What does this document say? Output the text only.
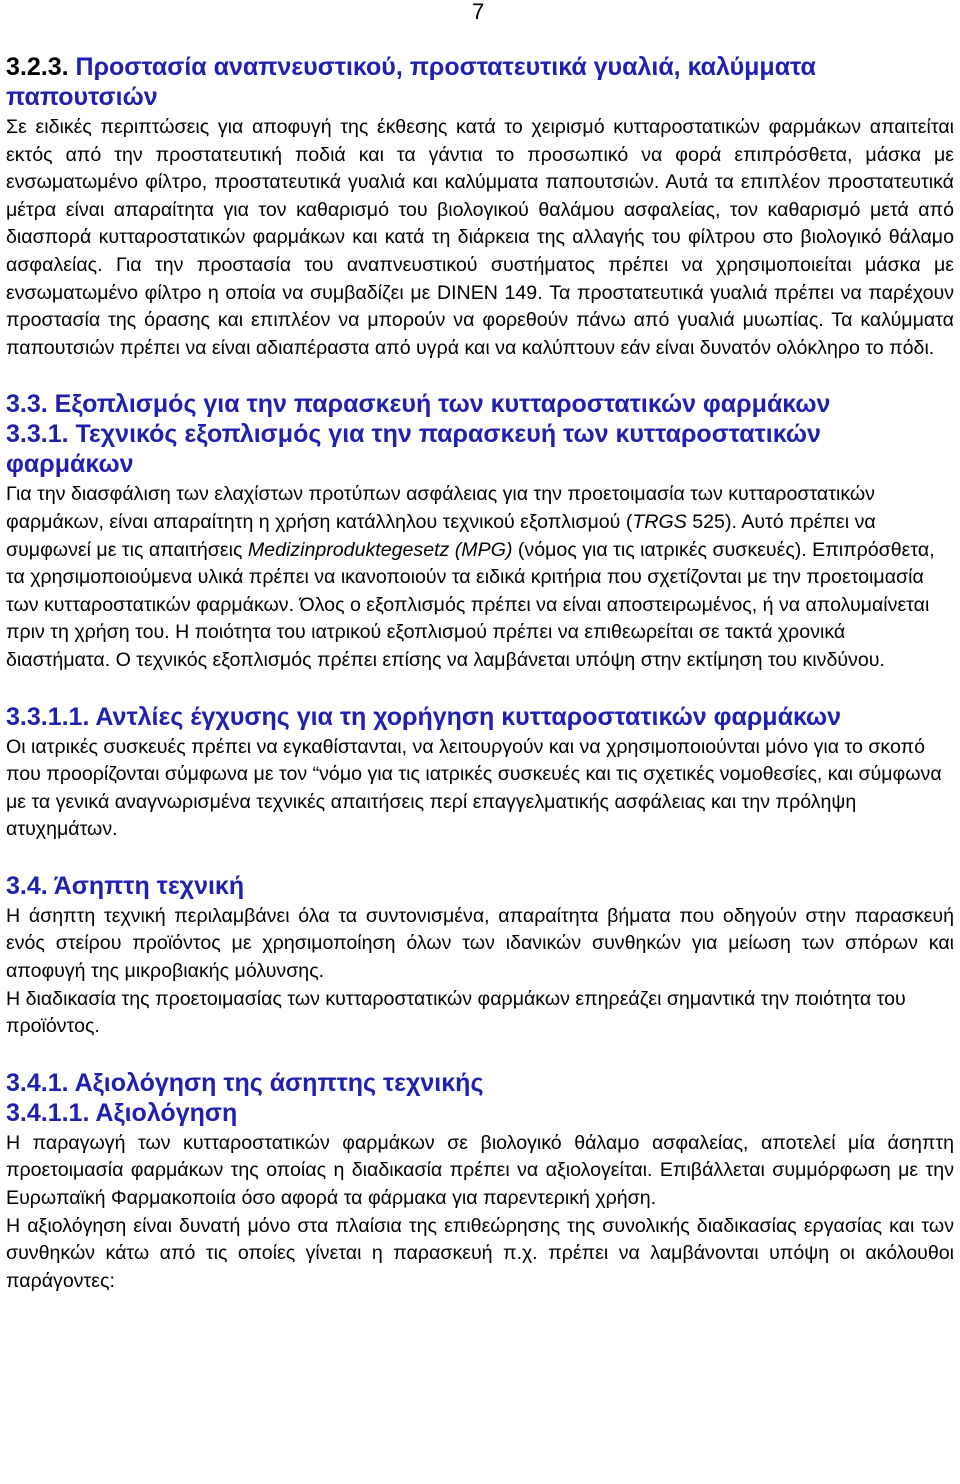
7
3.2.3. Προστασία αναπνευστικού, προστατευτικά γυαλιά, καλύμματα παπουτσιών

Σε ειδικές περιπτώσεις για αποφυγή της έκθεσης κατά το χειρισμό κυτταροστατικών φαρμάκων απαιτείται εκτός από την προστατευτική ποδιά και τα γάντια το προσωπικό να φορά επιπρόσθετα, μάσκα με ενσωματωμένο φίλτρο, προστατευτικά γυαλιά και καλύμματα παπουτσιών. Αυτά τα επιπλέον προστατευτικά μέτρα είναι απαραίτητα για τον καθαρισμό του βιολογικού θαλάμου ασφαλείας, τον καθαρισμό μετά από διασπορά κυτταροστατικών φαρμάκων και κατά τη διάρκεια της αλλαγής του φίλτρου στο βιολογικό θάλαμο ασφαλείας. Για την προστασία του αναπνευστικού συστήματος πρέπει να χρησιμοποιείται μάσκα με ενσωματωμένο φίλτρο η οποία να συμβαδίζει με DINEN 149. Τα προστατευτικά γυαλιά πρέπει να παρέχουν προστασία της όρασης και επιπλέον να μπορούν να φορεθούν πάνω από γυαλιά μυωπίας. Τα καλύμματα παπουτσιών πρέπει να είναι αδιαπέραστα από υγρά και να καλύπτουν εάν είναι δυνατόν ολόκληρο το πόδι.

3.3. Εξοπλισμός για την παρασκευή των κυτταροστατικών φαρμάκων
3.3.1. Τεχνικός εξοπλισμός για την παρασκευή των κυτταροστατικών φαρμάκων

Για την διασφάλιση των ελαχίστων προτύπων ασφάλειας για την προετοιμασία των κυτταροστατικών φαρμάκων, είναι απαραίτητη η χρήση κατάλληλου τεχνικού εξοπλισμού (TRGS 525). Αυτό πρέπει να συμφωνεί με τις απαιτήσεις Medizinproduktegesetz (MPG) (νόμος για τις ιατρικές συσκευές). Επιπρόσθετα, τα χρησιμοποιούμενα υλικά πρέπει να ικανοποιούν τα ειδικά κριτήρια που σχετίζονται με την προετοιμασία των κυτταροστατικών φαρμάκων. Όλος ο εξοπλισμός πρέπει να είναι αποστειρωμένος, ή να απολυμαίνεται πριν τη χρήση του. Η ποιότητα του ιατρικού εξοπλισμού πρέπει να επιθεωρείται σε τακτά χρονικά διαστήματα. Ο τεχνικός εξοπλισμός πρέπει επίσης να λαμβάνεται υπόψη στην εκτίμηση του κινδύνου.

3.3.1.1. Αντλίες έγχυσης για τη χορήγηση κυτταροστατικών φαρμάκων

Οι ιατρικές συσκευές πρέπει να εγκαθίστανται, να λειτουργούν και να χρησιμοποιούνται μόνο για το σκοπό που προορίζονται σύμφωνα με τον “νόμο για τις ιατρικές συσκευές και τις σχετικές νομοθεσίες, και σύμφωνα με τα γενικά αναγνωρισμένα τεχνικές απαιτήσεις περί επαγγελματικής ασφάλειας και την πρόληψη ατυχημάτων.

3.4. Άσηπτη τεχνική

Η άσηπτη τεχνική περιλαμβάνει όλα τα συντονισμένα, απαραίτητα βήματα που οδηγούν στην παρασκευή ενός στείρου προϊόντος με χρησιμοποίηση όλων των ιδανικών συνθηκών για μείωση των σπόρων και αποφυγή της μικροβιακής μόλυνσης.

Η διαδικασία της προετοιμασίας των κυτταροστατικών φαρμάκων επηρεάζει σημαντικά την ποιότητα του προϊόντος.

3.4.1. Αξιολόγηση της άσηπτης τεχνικής
3.4.1.1. Αξιολόγηση

Η παραγωγή των κυτταροστατικών φαρμάκων σε βιολογικό θάλαμο ασφαλείας, αποτελεί μία άσηπτη προετοιμασία φαρμάκων της οποίας η διαδικασία πρέπει να αξιολογείται. Επιβάλλεται συμμόρφωση με την Ευρωπαϊκή Φαρμακοποιία όσο αφορά τα φάρμακα για παρεντερική χρήση.

Η αξιολόγηση είναι δυνατή μόνο στα πλαίσια της επιθεώρησης της συνολικής διαδικασίας εργασίας και των συνθηκών κάτω από τις οποίες γίνεται η παρασκευή π.χ. πρέπει να λαμβάνονται υπόψη οι ακόλουθοι παράγοντες:
